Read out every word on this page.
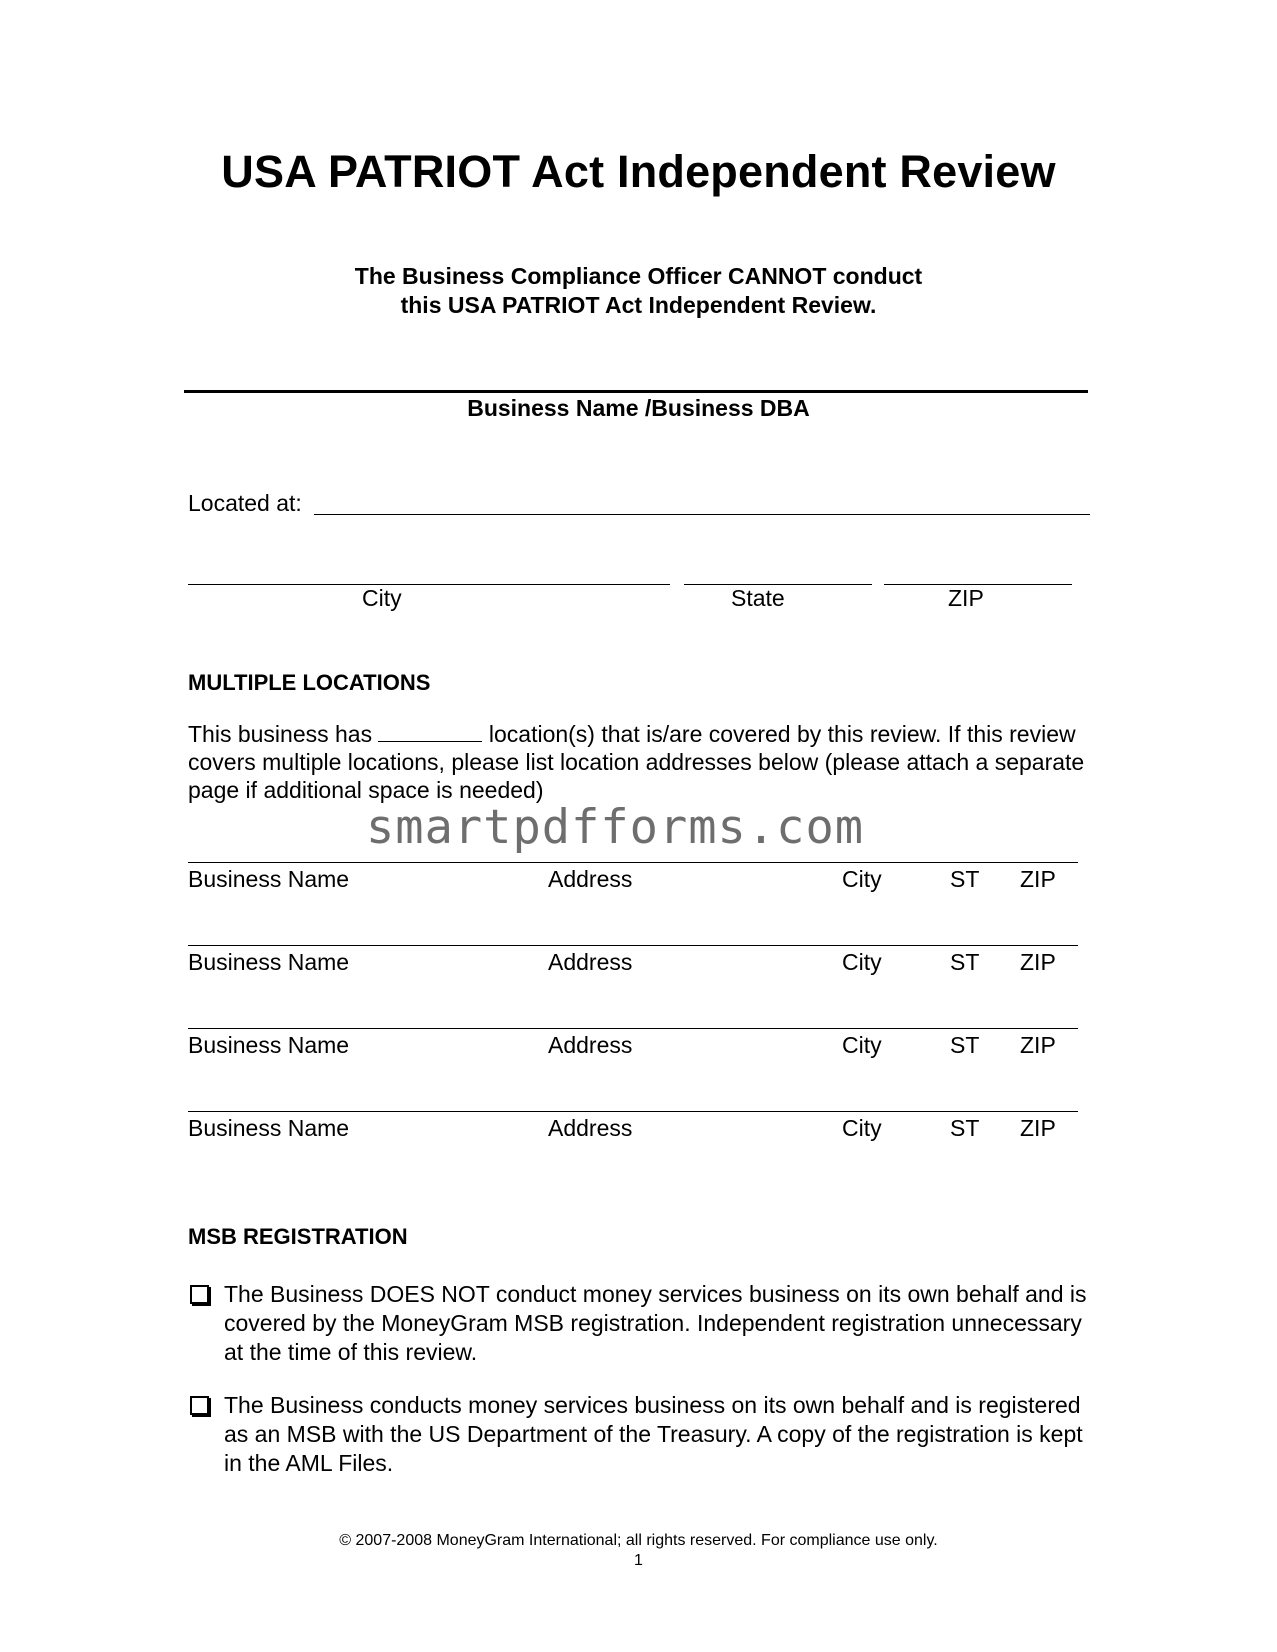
USA PATRIOT Act Independent Review
The Business Compliance Officer CANNOT conduct
this USA PATRIOT Act Independent Review.
Business Name /Business DBA
Located at:
City	State	ZIP
MULTIPLE LOCATIONS
This business has	location(s) that is/are covered by this review. If this review covers multiple locations, please list location addresses below (please attach a separate page if additional space is needed)
smartpdfforms.com
Business Name	Address	City	ST ZIP
Business Name	Address	City	ST ZIP
Business Name	Address	City	ST ZIP
Business Name	Address	City	ST ZIP
MSB REGISTRATION
The Business DOES NOT conduct money services business on its own behalf and is covered by the MoneyGram MSB registration. Independent registration unnecessary at the time of this review.
The Business conducts money services business on its own behalf and is registered as an MSB with the US Department of the Treasury. A copy of the registration is kept in the AML Files.
© 2007-2008 MoneyGram International; all rights reserved. For compliance use only.
1
